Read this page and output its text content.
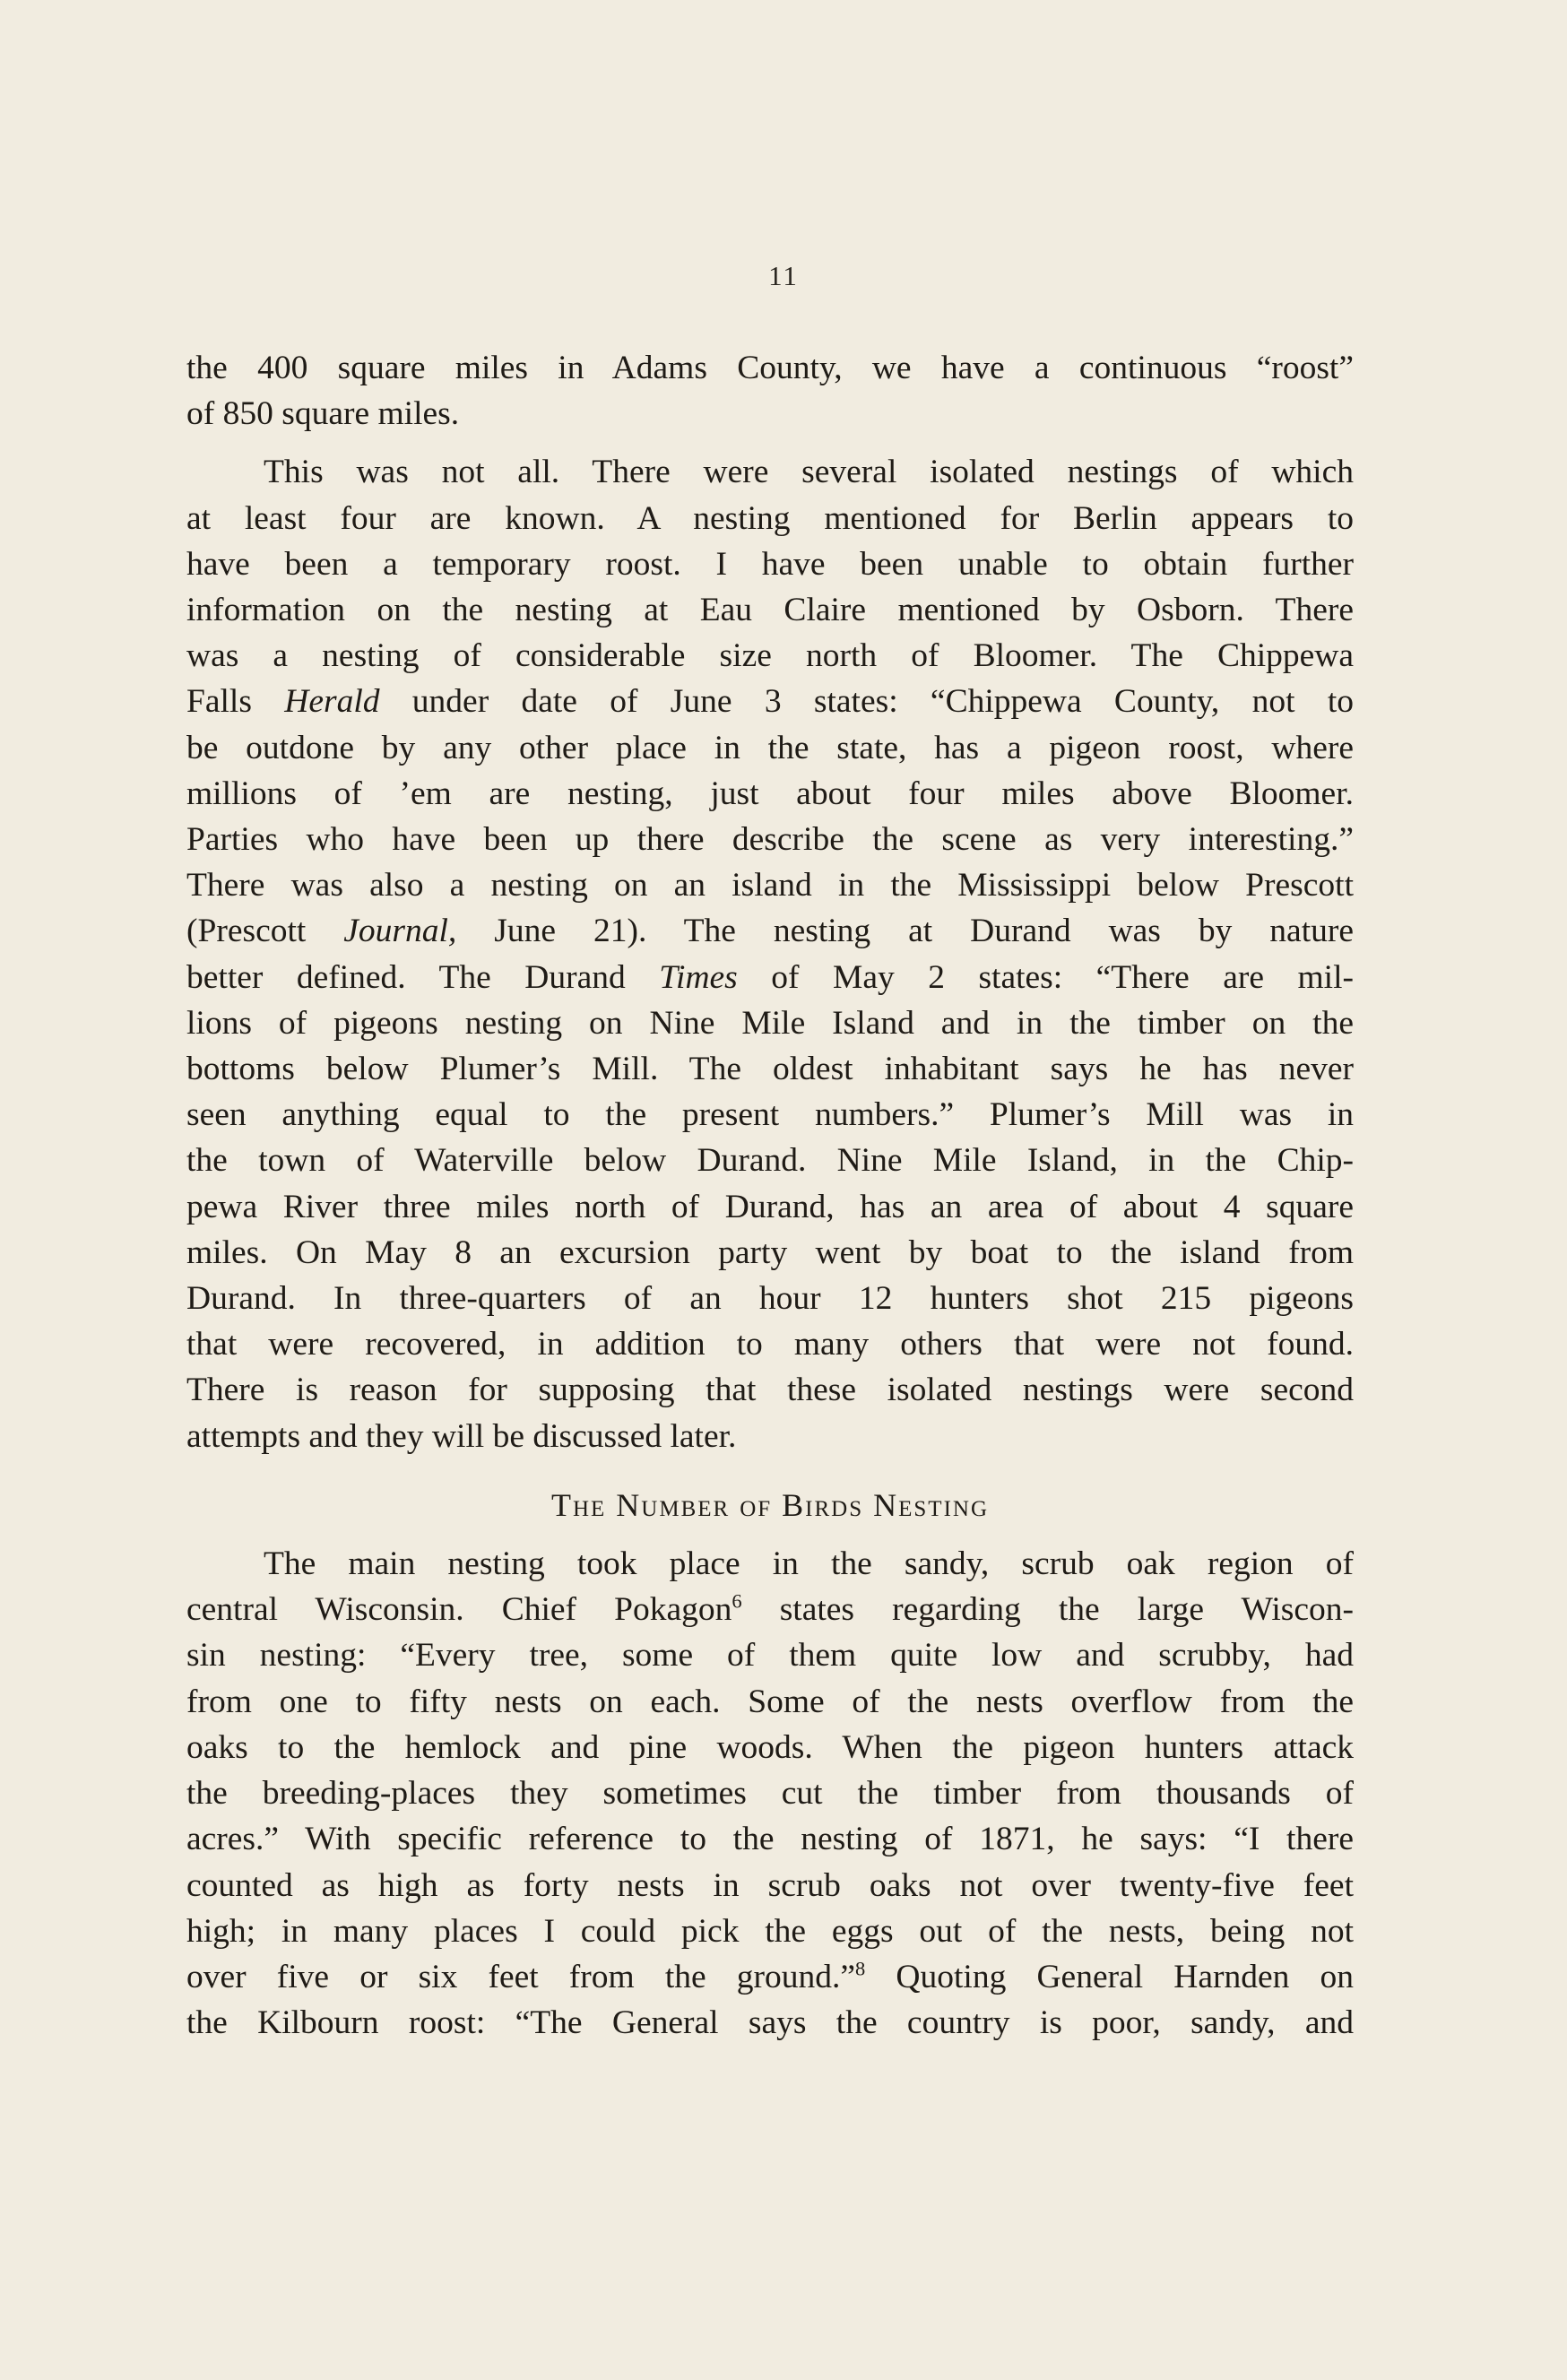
11
the 400 square miles in Adams County, we have a continuous “roost”
of 850 square miles.
This was not all. There were several isolated nestings of which
at least four are known. A nesting mentioned for Berlin appears to
have been a temporary roost. I have been unable to obtain further
information on the nesting at Eau Claire mentioned by Osborn. There
was a nesting of considerable size north of Bloomer. The Chippewa
Falls Herald under date of June 3 states: “Chippewa County, not to
be outdone by any other place in the state, has a pigeon roost, where
millions of ’em are nesting, just about four miles above Bloomer.
Parties who have been up there describe the scene as very interesting.”
There was also a nesting on an island in the Mississippi below Prescott
(Prescott Journal, June 21). The nesting at Durand was by nature
better defined. The Durand Times of May 2 states: “There are mil-
lions of pigeons nesting on Nine Mile Island and in the timber on the
bottoms below Plumer’s Mill. The oldest inhabitant says he has never
seen anything equal to the present numbers.” Plumer’s Mill was in
the town of Waterville below Durand. Nine Mile Island, in the Chip-
pewa River three miles north of Durand, has an area of about 4 square
miles. On May 8 an excursion party went by boat to the island from
Durand. In three-quarters of an hour 12 hunters shot 215 pigeons
that were recovered, in addition to many others that were not found.
There is reason for supposing that these isolated nestings were second
attempts and they will be discussed later.
The Number of Birds Nesting
The main nesting took place in the sandy, scrub oak region of
central Wisconsin. Chief Pokagon$^6$ states regarding the large Wiscon-
sin nesting: “Every tree, some of them quite low and scrubby, had
from one to fifty nests on each. Some of the nests overflow from the
oaks to the hemlock and pine woods. When the pigeon hunters attack
the breeding-places they sometimes cut the timber from thousands of
acres.” With specific reference to the nesting of 1871, he says: “I there
counted as high as forty nests in scrub oaks not over twenty-five feet
high; in many places I could pick the eggs out of the nests, being not
over five or six feet from the ground.”$^8$ Quoting General Harnden on
the Kilbourn roost: “The General says the country is poor, sandy, and
